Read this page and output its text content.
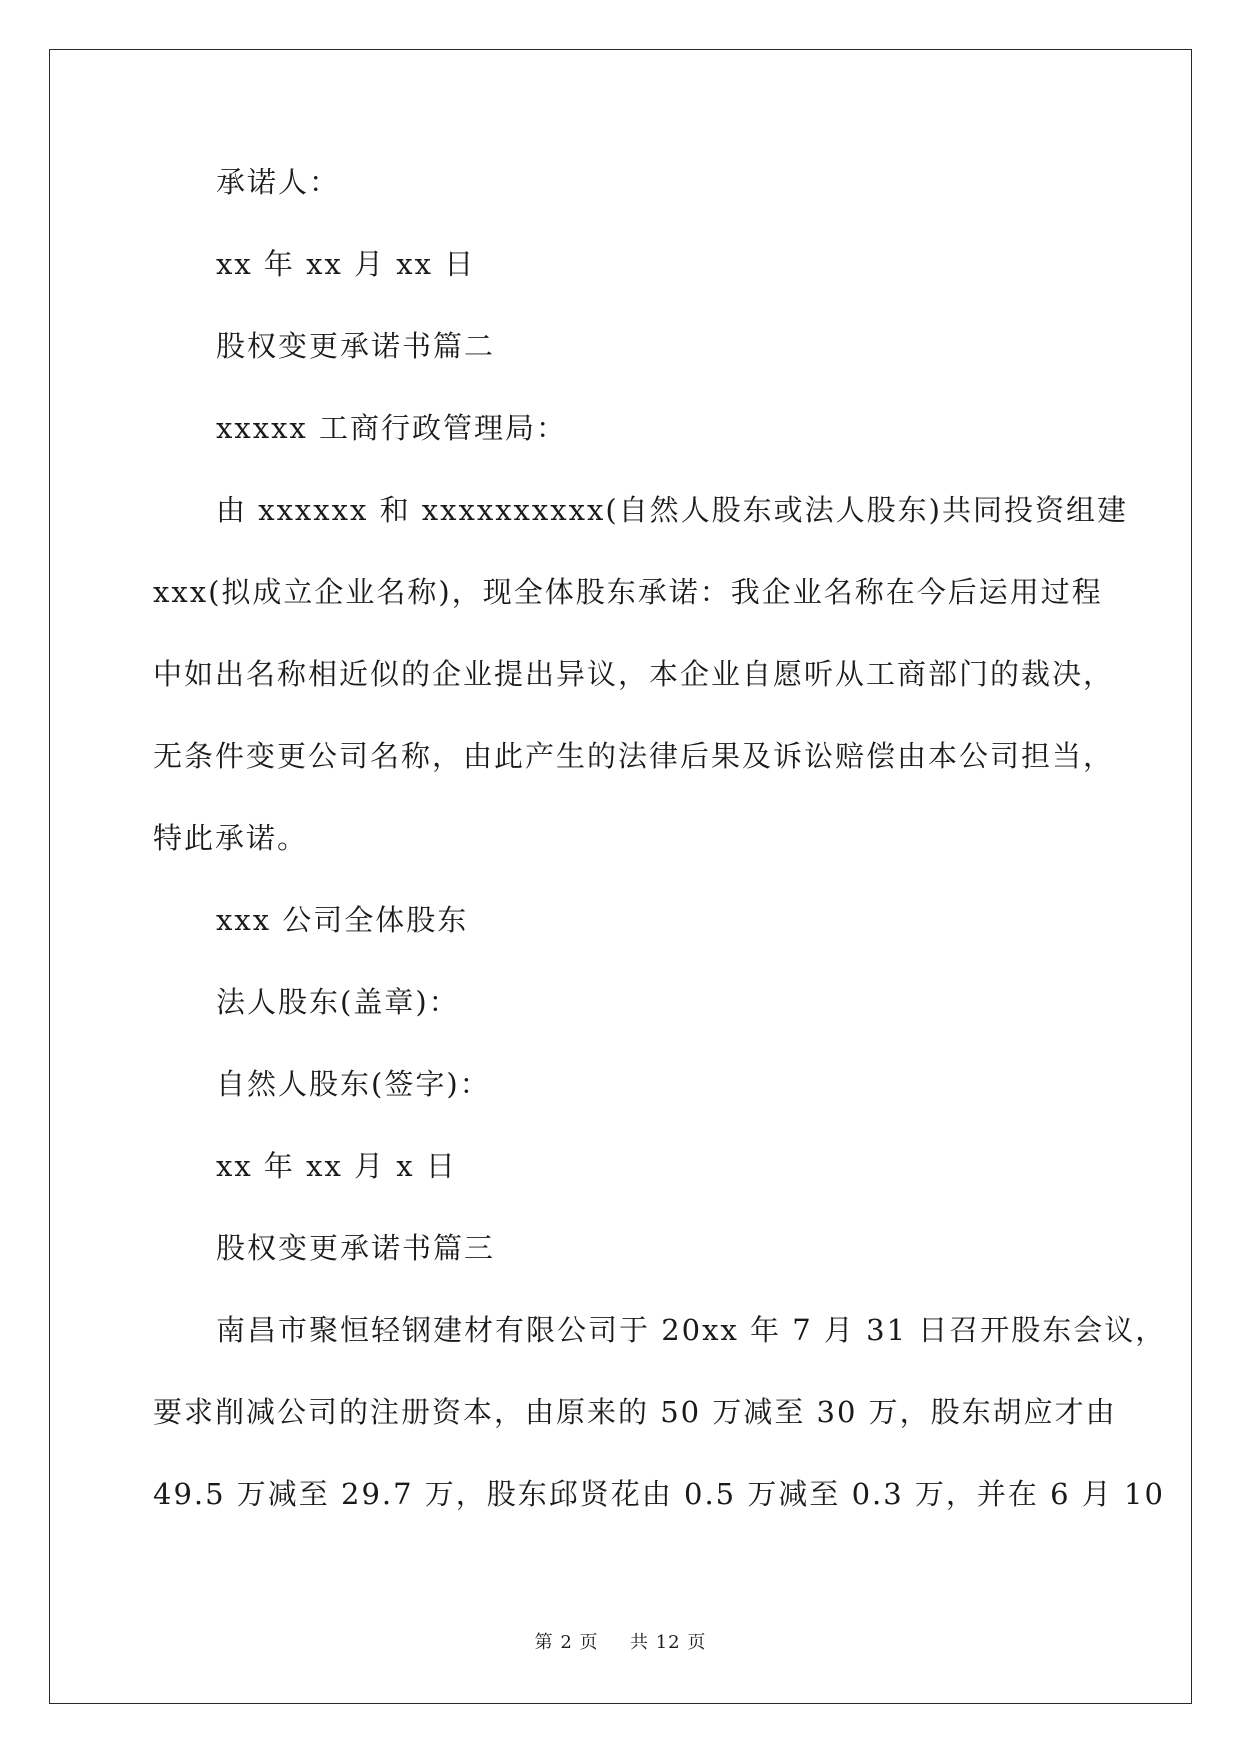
承诺人：
xx 年 xx 月 xx 日
股权变更承诺书篇二
xxxxx 工商行政管理局：
由 xxxxxx 和 xxxxxxxxxx(自然人股东或法人股东)共同投资组建
xxx(拟成立企业名称)，现全体股东承诺：我企业名称在今后运用过程
中如出名称相近似的企业提出异议，本企业自愿听从工商部门的裁决，
无条件变更公司名称，由此产生的法律后果及诉讼赔偿由本公司担当，
特此承诺。
xxx 公司全体股东
法人股东(盖章)：
自然人股东(签字)：
xx 年 xx 月 x 日
股权变更承诺书篇三
南昌市聚恒轻钢建材有限公司于 20xx 年 7 月 31 日召开股东会议，
要求削减公司的注册资本，由原来的 50 万减至 30 万，股东胡应才由
49.5 万减至 29.7 万，股东邱贤花由 0.5 万减至 0.3 万，并在 6 月 10
第 2 页 共 12 页
